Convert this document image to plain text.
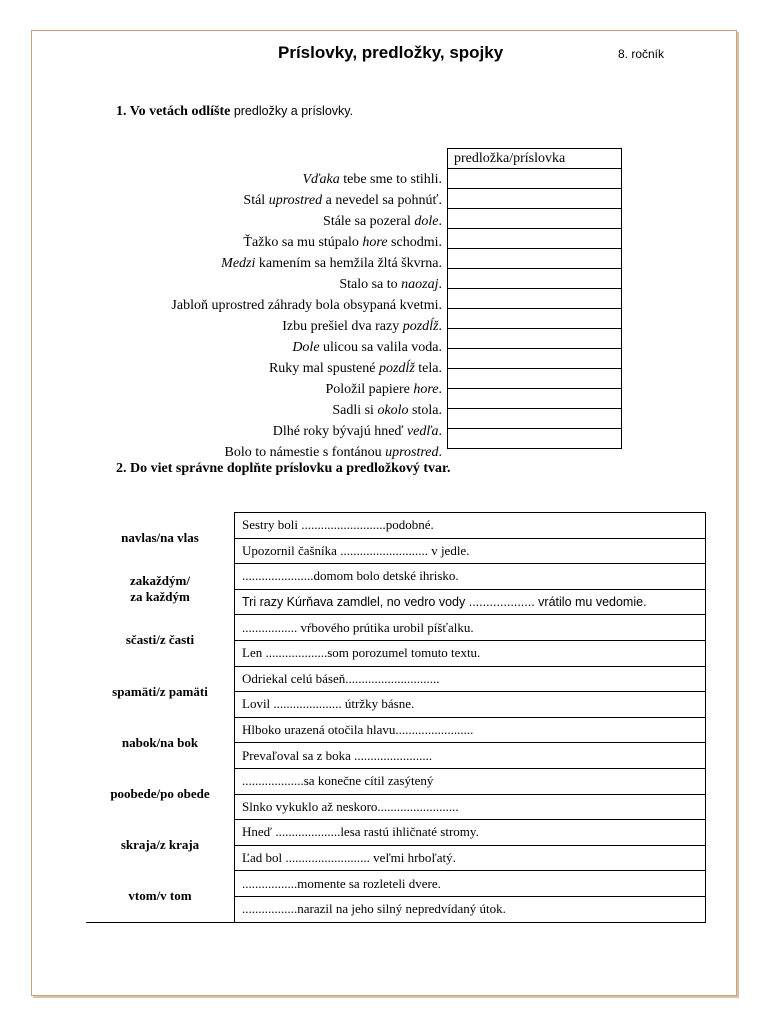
Príslovky, predložky, spojky	8. ročník
1. Vo vetách odlíšte predložky a príslovky.
Vďaka tebe sme to stihli.
Stál uprostred a nevedel sa pohnúť.
Stále sa pozeral dole.
Ťažko sa mu stúpalo hore schodmi.
Medzi kamením sa hemžila žltá škvrna.
Stalo sa to naozaj.
Jabloň uprostred záhrady bola obsypaná kvetmi.
Izbu prešiel dva razy pozdĺž.
Dole ulicou sa valila voda.
Ruky mal spustené pozdĺž tela.
Položil papiere hore.
Sadli si okolo stola.
Dlhé roky bývajú hneď vedľa.
Bolo to námestie s fontánou uprostred.
predložka/príslovka

2. Do viet správne doplňte príslovku a predložkový tvar.
navlas/na vlas	Sestry boli ..........................podobné.
	Upozornil čašníka ........................... v jedle.
zakaždým/
za každým	......................domom bolo detské ihrisko.
	Tri razy Kúrňava zamdlel, no vedro vody ................... vrátilo mu vedomie.
sčasti/z časti	................. vŕbového prútika urobil píšťalku.
	Len ...................som porozumel tomuto textu.
spamäti/z pamäti	Odriekal celú báseň.............................
	Lovil ..................... útržky básne.
nabok/na bok	Hlboko urazená otočila hlavu........................
	Prevaľoval sa z boka ........................
poobede/po obede	...................sa konečne cítil zasýtený
	Slnko vykuklo až neskoro.........................
skraja/z kraja	Hneď ....................lesa rastú ihličnaté stromy.
	Ľad bol .......................... veľmi hrboľatý.
vtom/v tom	.................momente sa rozleteli dvere.
	.................narazil na jeho silný nepredvídaný útok.
